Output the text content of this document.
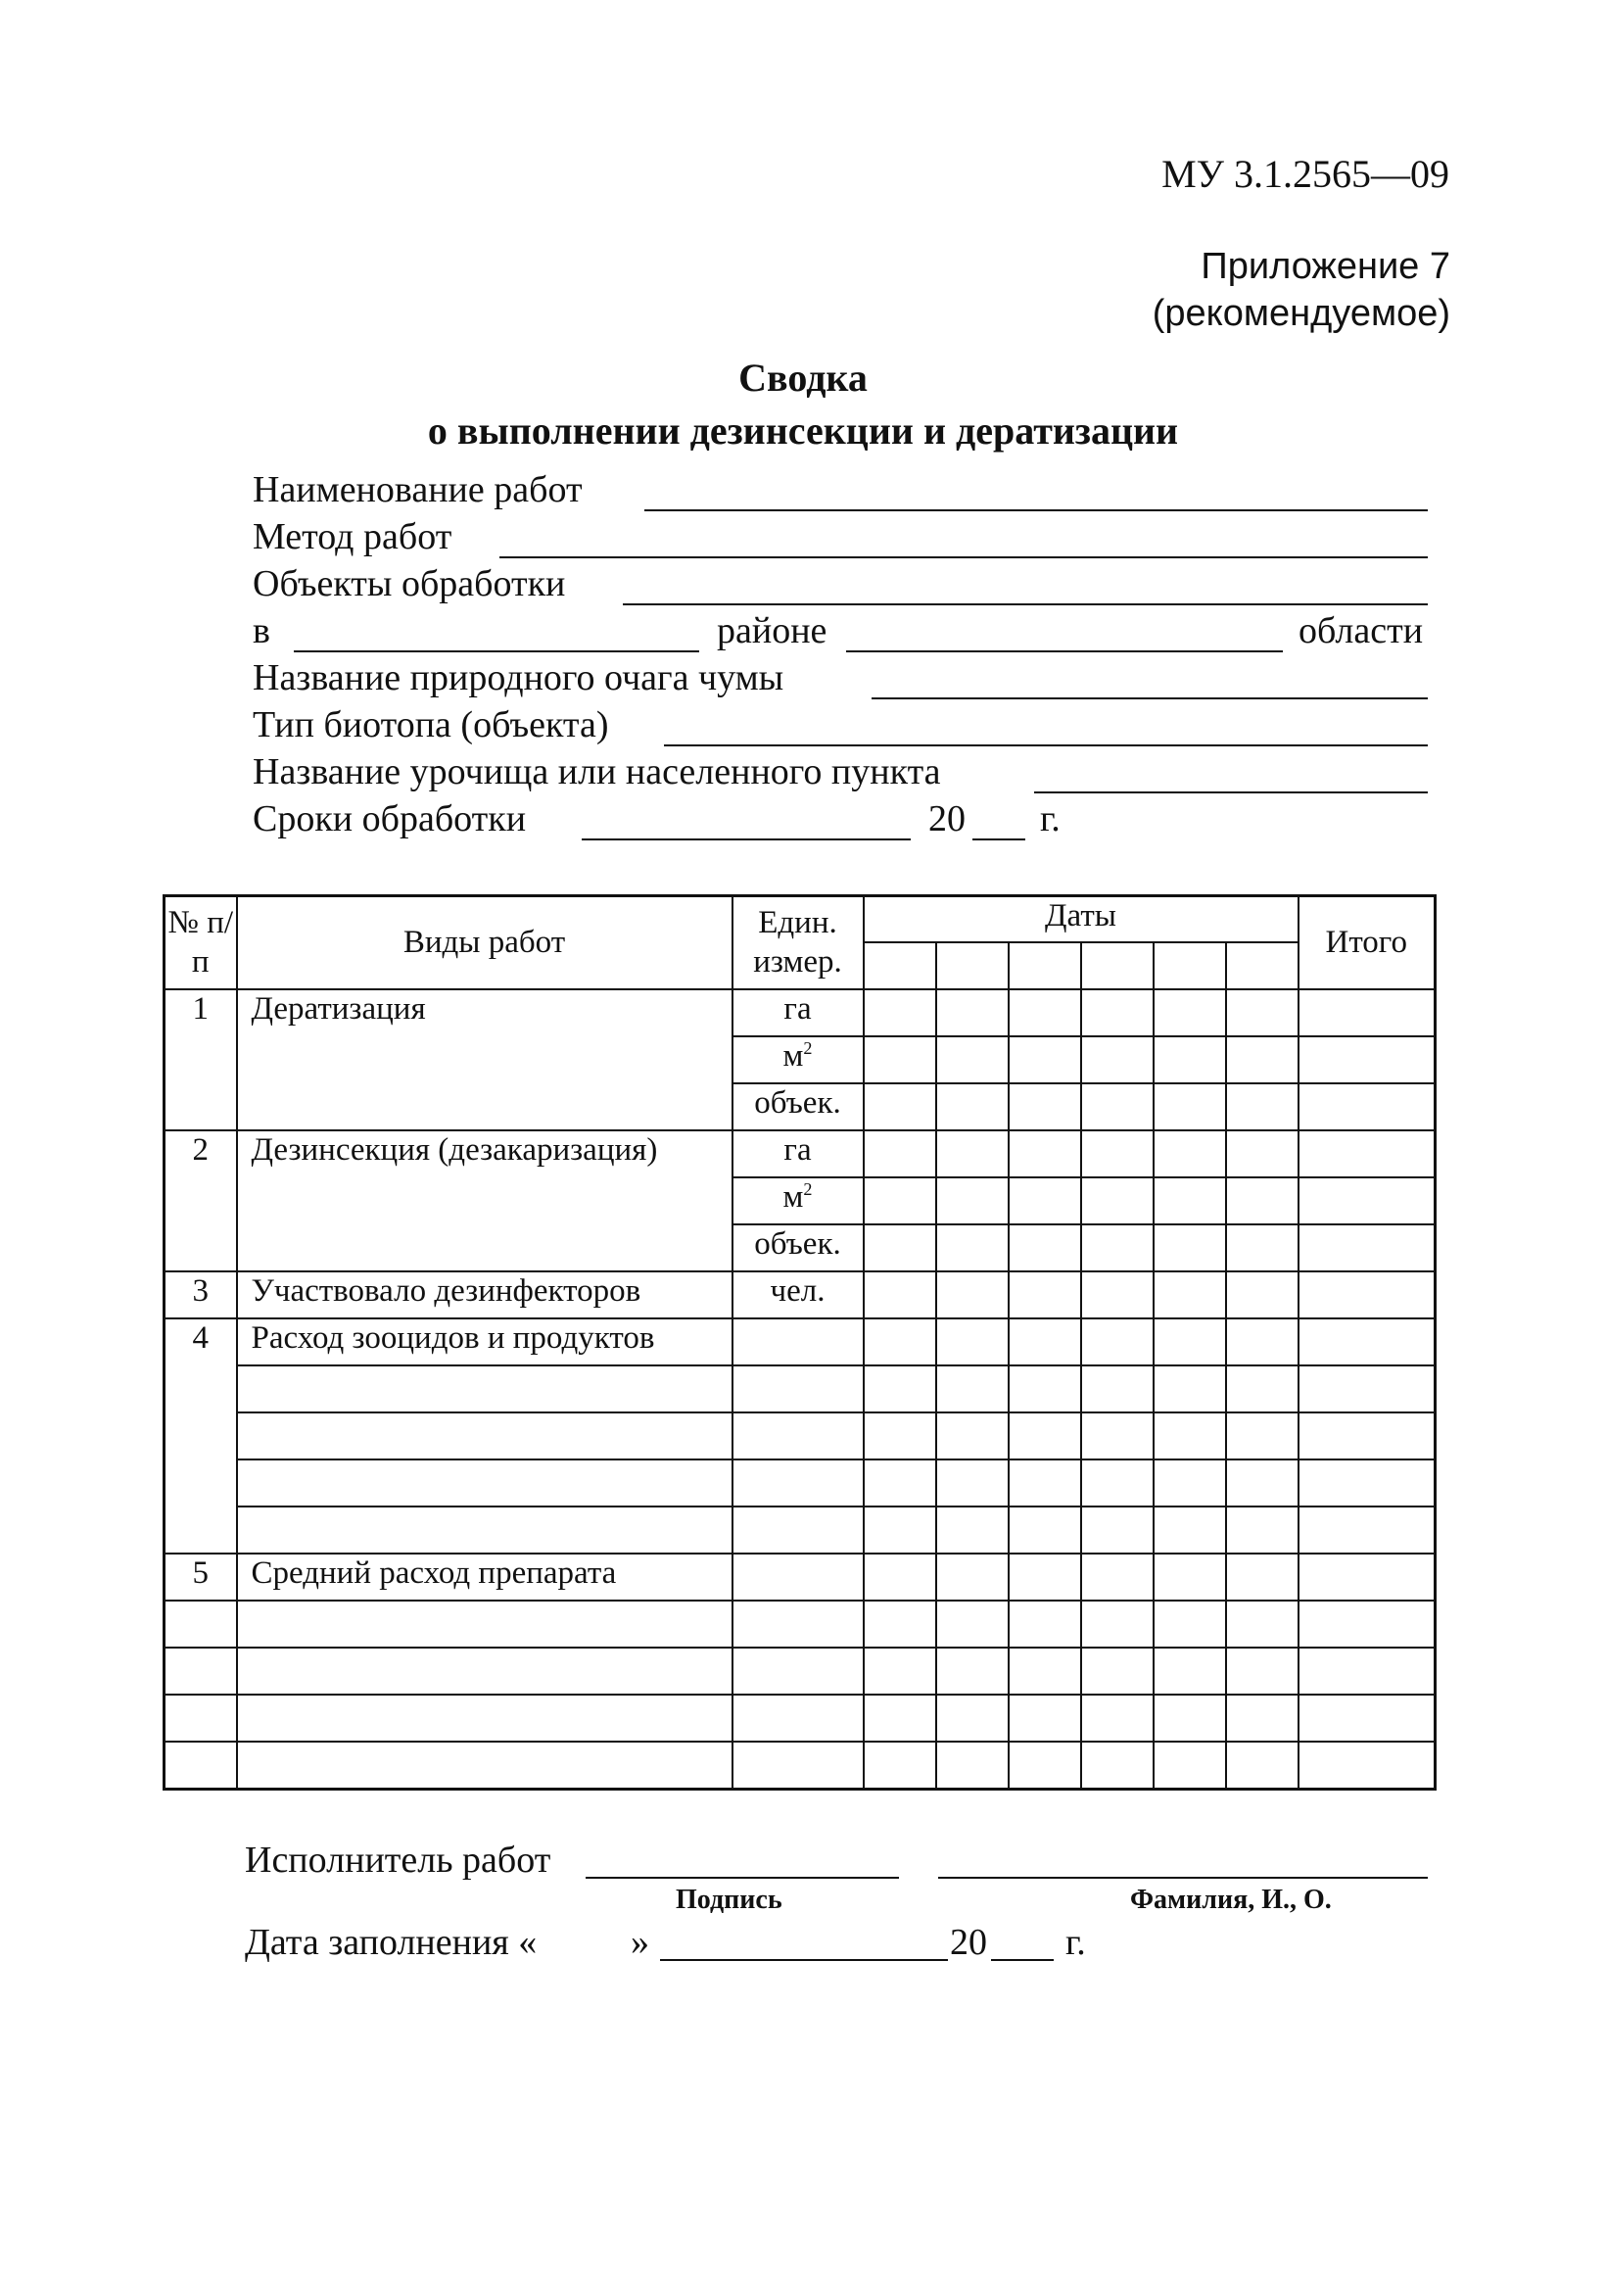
МУ 3.1.2565—09
Приложение 7
(рекомендуемое)
Сводка
о выполнении дезинсекции и дератизации
Наименование работ
Метод работ
Объекты обработки
в	районе	области
Название природного очага чумы
Тип биотопа (объекта)
Название урочища или населенного пункта
Сроки обработки	20 г.
№ п/п	Виды работ	Един. измер.	Даты						Итого

1	Дератизация	га							
		$м^2$							
		объек.							
2	Дезинсекция (дезакаризация)	га							
		$м^2$							
		объек.							
3	Участвовало дезинфекторов	чел.							
4	Расход зооцидов и продуктов								

5	Средний расход препарата								

Исполнитель работ
Подпись	Фамилия, И., О.
Дата заполнения «	»	20 г.
